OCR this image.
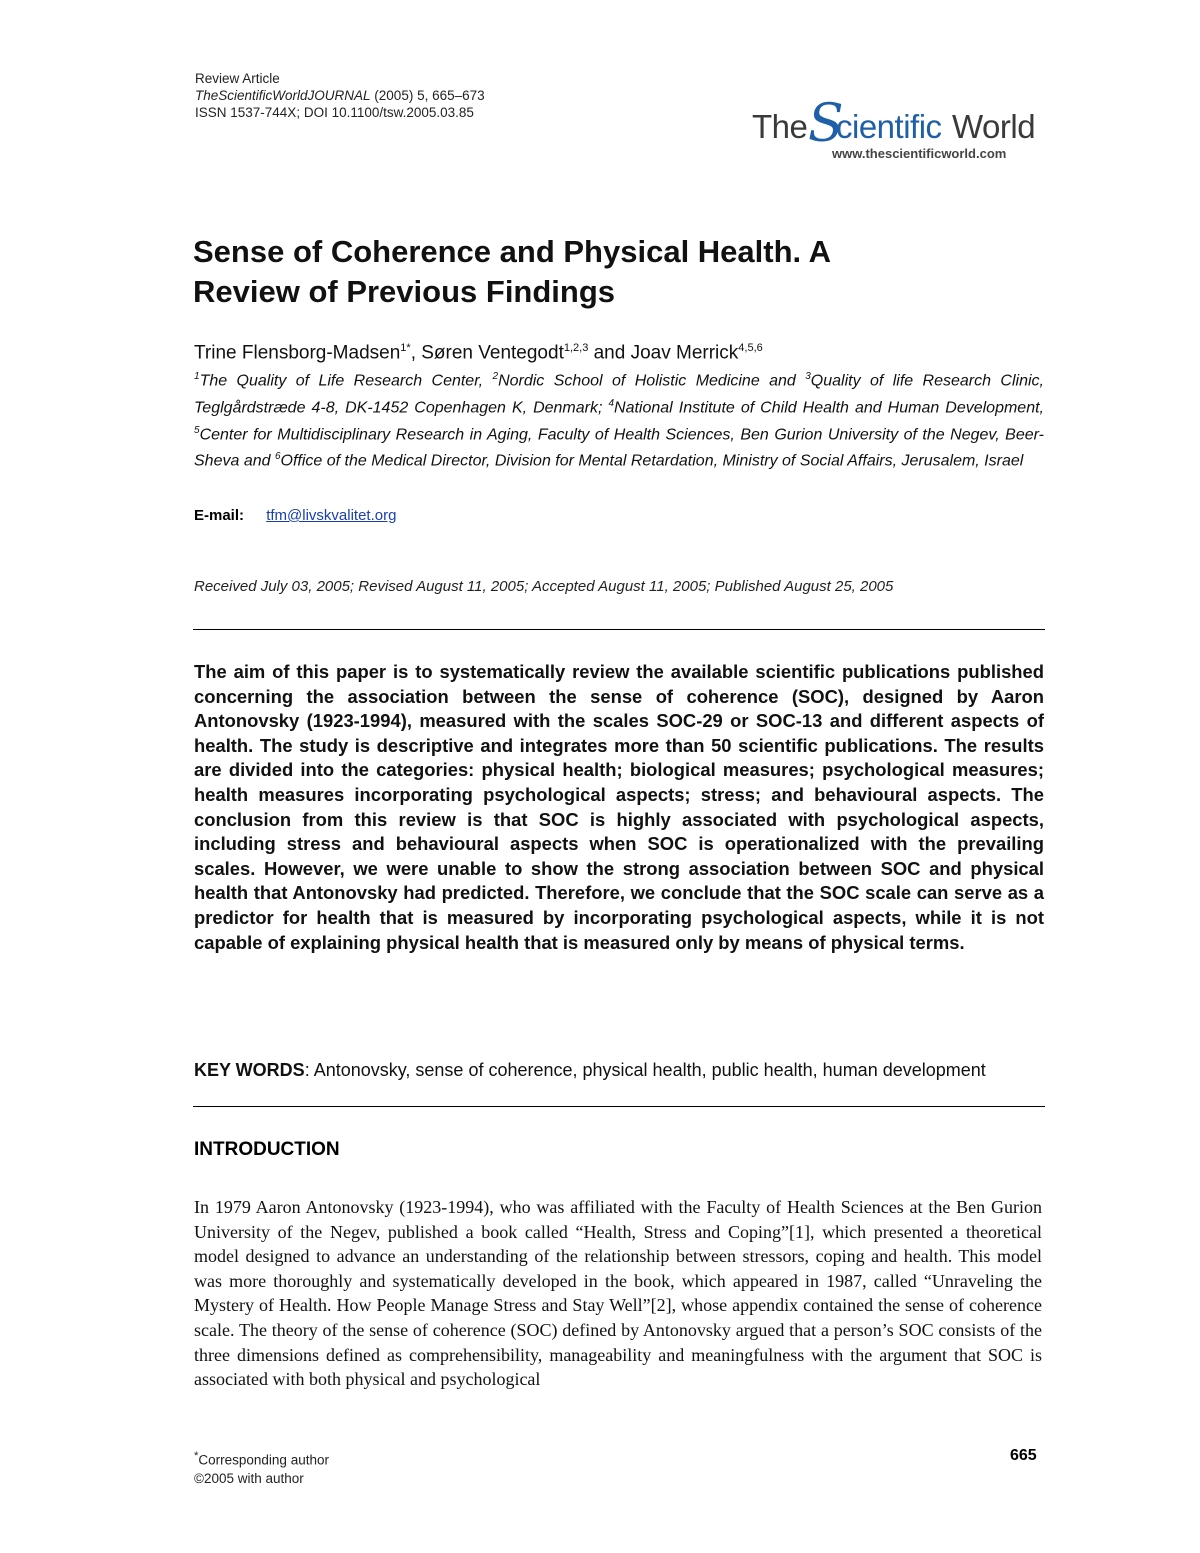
Review Article
TheScientificWorldJOURNAL (2005) 5, 665–673
ISSN 1537-744X; DOI 10.1100/tsw.2005.03.85	The S
cientific World
www.thescientificworld.com
Sense of Coherence and Physical Health. A
Review of Previous Findings
Trine Flensborg-Madsen$^{1*}$, Søren Ventegodt$^{1,2,3}$ and Joav Merrick$^{4,5,6}$
$^1$The Quality of Life Research Center, $^2$Nordic School of Holistic Medicine and $^3$Quality of life Research Clinic, Teglgårdstræde 4-8, DK-1452 Copenhagen K, Denmark; $^4$National Institute of Child Health and Human Development, $^5$Center for Multidisciplinary Research in Aging, Faculty of Health Sciences, Ben Gurion University of the Negev, Beer-Sheva and $^6$Office of the Medical Director, Division for Mental Retardation, Ministry of Social Affairs, Jerusalem, Israel
E-mail: tfm@livskvalitet.org
Received July 03, 2005; Revised August 11, 2005; Accepted August 11, 2005; Published August 25, 2005
The aim of this paper is to systematically review the available scientific publications published concerning the association between the sense of coherence (SOC), designed by Aaron Antonovsky (1923-1994), measured with the scales SOC-29 or SOC-13 and different aspects of health. The study is descriptive and integrates more than 50 scientific publications. The results are divided into the categories: physical health; biological measures; psychological measures; health measures incorporating psychological aspects; stress; and behavioural aspects. The conclusion from this review is that SOC is highly associated with psychological aspects, including stress and behavioural aspects when SOC is operationalized with the prevailing scales. However, we were unable to show the strong association between SOC and physical health that Antonovsky had predicted. Therefore, we conclude that the SOC scale can serve as a predictor for health that is measured by incorporating psychological aspects, while it is not capable of explaining physical health that is measured only by means of physical terms.
KEY WORDS: Antonovsky, sense of coherence, physical health, public health, human development
INTRODUCTION
In 1979 Aaron Antonovsky (1923-1994), who was affiliated with the Faculty of Health Sciences at the Ben Gurion University of the Negev, published a book called “Health, Stress and Coping”[1], which presented a theoretical model designed to advance an understanding of the relationship between stressors, coping and health. This model was more thoroughly and systematically developed in the book, which appeared in 1987, called “Unraveling the Mystery of Health. How People Manage Stress and Stay Well”[2], whose appendix contained the sense of coherence scale. The theory of the sense of coherence (SOC) defined by Antonovsky argued that a person’s SOC consists of the three dimensions defined as comprehensibility, manageability and meaningfulness with the argument that SOC is associated with both physical and psychological
*Corresponding author
©2005 with author
665
